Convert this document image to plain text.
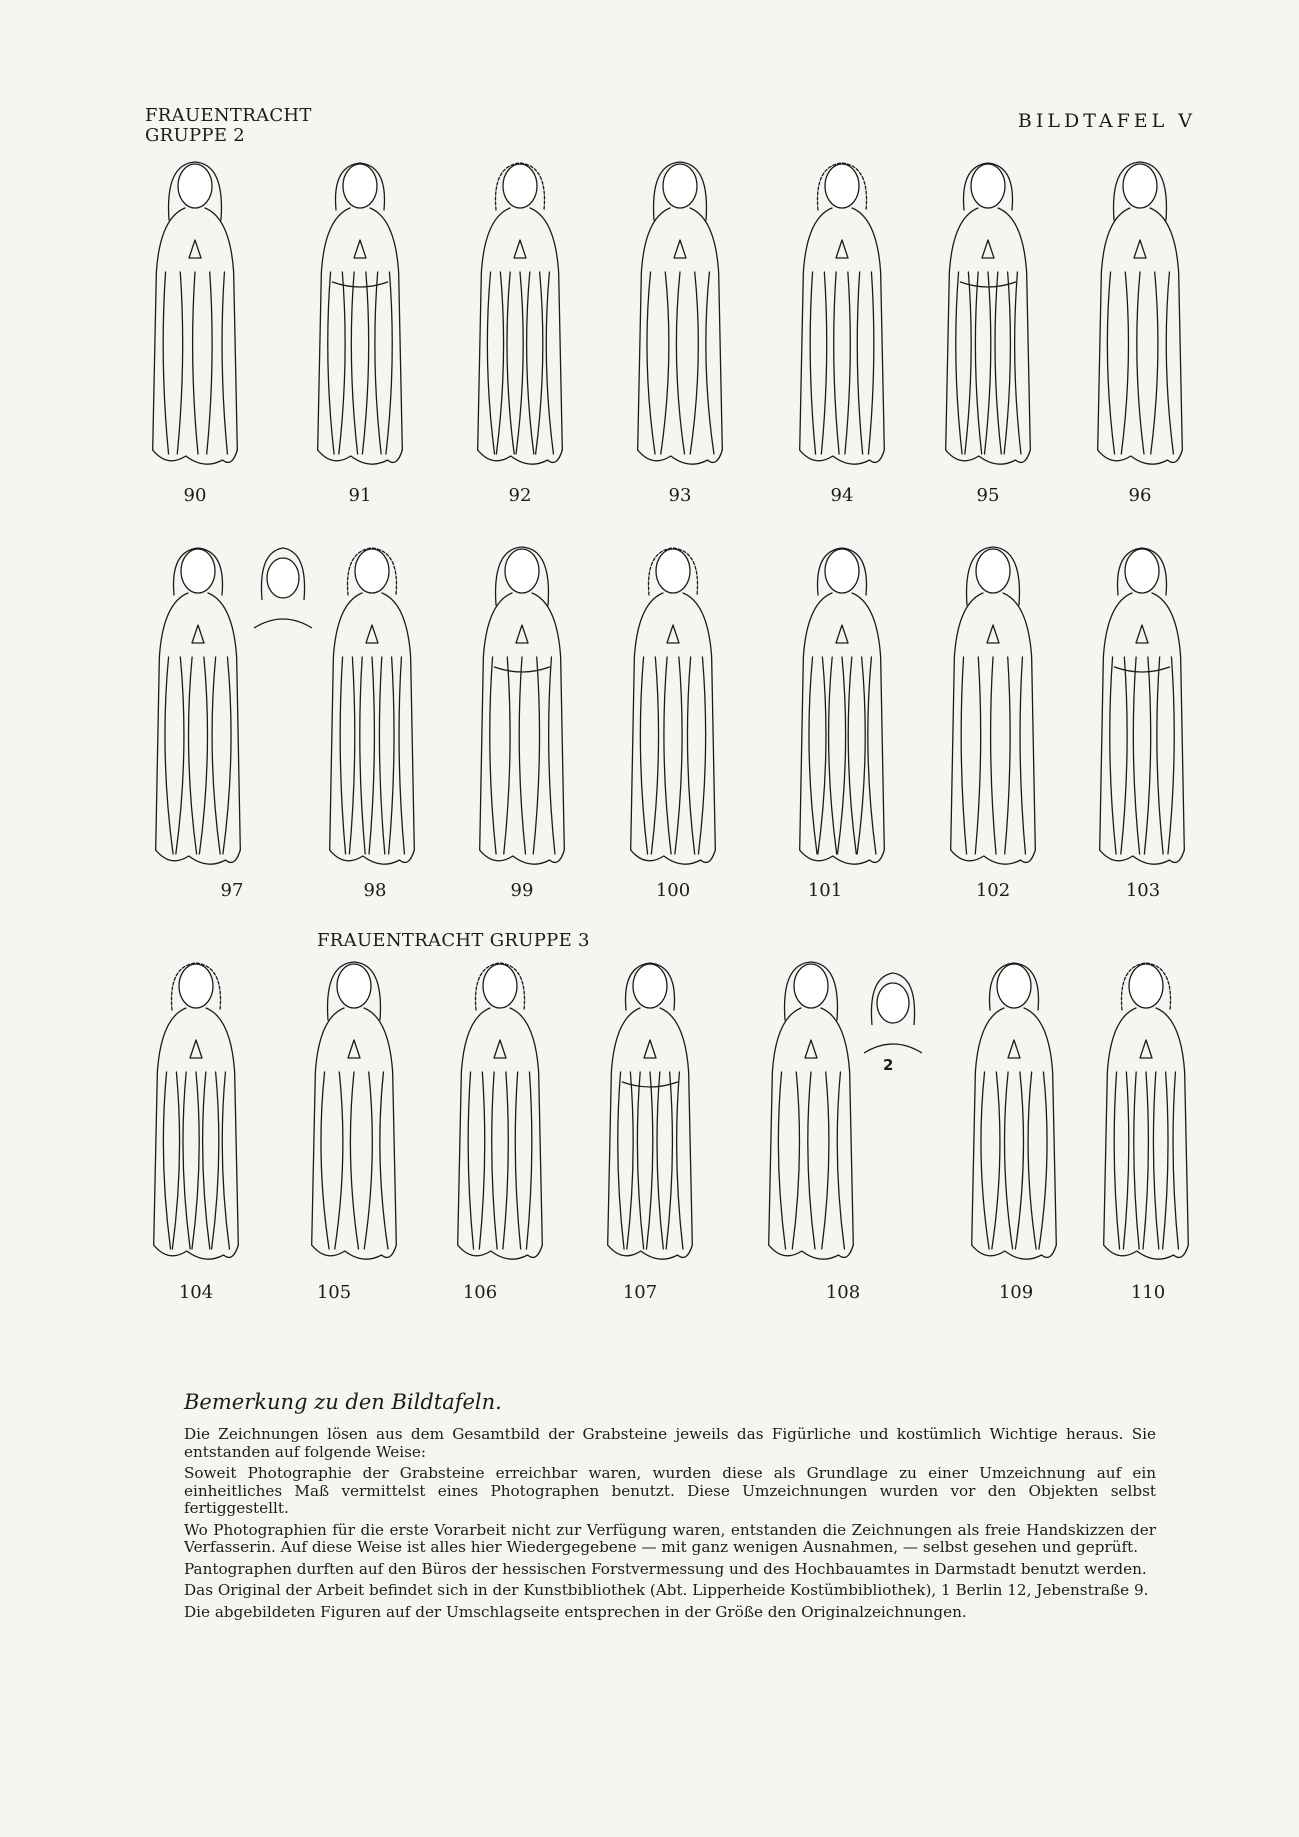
FRAUENTRACHT
GRUPPE 2
BILDTAFEL V
FRAUENTRACHT GRUPPE 3
90	91	92	93	94	95	96
97	98	99	100	101	102	103
104	105	106	107	108	109	110
2
Bemerkung zu den Bildtafeln.

Die Zeichnungen lösen aus dem Gesamtbild der Grabsteine jeweils das Figürliche und kostümlich Wichtige heraus. Sie entstanden auf folgende Weise:

Soweit Photographie der Grabsteine erreichbar waren, wurden diese als Grundlage zu einer Umzeichnung auf ein einheitliches Maß vermittelst eines Photographen benutzt. Diese Umzeichnungen wurden vor den Objekten selbst fertiggestellt.

Wo Photographien für die erste Vorarbeit nicht zur Verfügung waren, entstanden die Zeichnungen als freie Handskizzen der Verfasserin. Auf diese Weise ist alles hier Wiedergegebene — mit ganz wenigen Ausnahmen, — selbst gesehen und geprüft.

Pantographen durften auf den Büros der hessischen Forstvermessung und des Hochbauamtes in Darmstadt benutzt werden.

Das Original der Arbeit befindet sich in der Kunstbibliothek (Abt. Lipperheide Kostümbibliothek), 1 Berlin 12, Jebenstraße 9.

Die abgebildeten Figuren auf der Umschlagseite entsprechen in der Größe den Originalzeichnungen.
